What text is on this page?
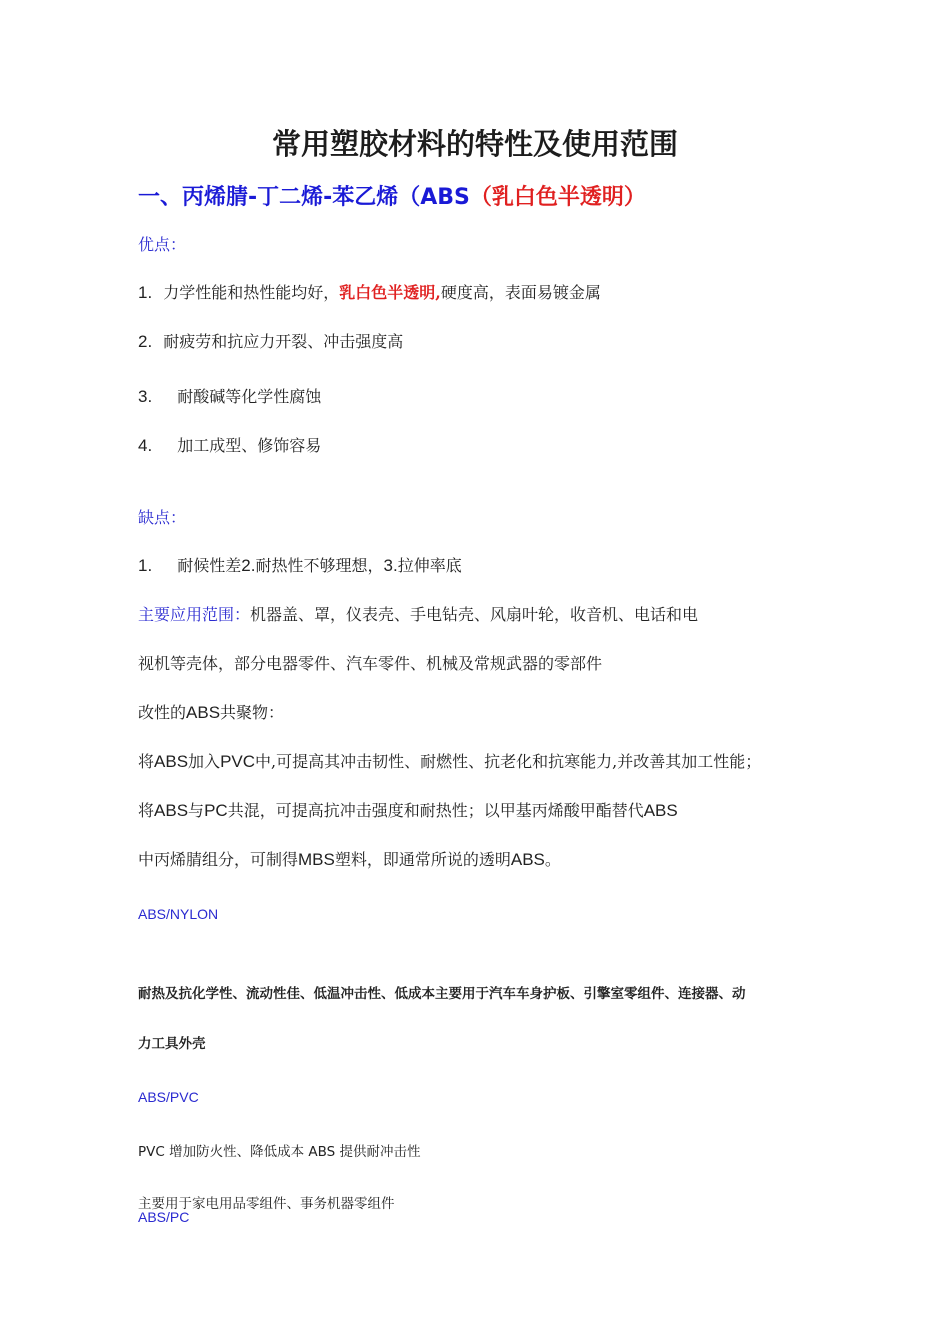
常用塑胶材料的特性及使用范围
一、丙烯腈-丁二烯-苯乙烯（ABS（乳白色半透明）
优点：
1. 力学性能和热性能均好，乳白色半透明,硬度高，表面易镀金属
2. 耐疲劳和抗应力开裂、冲击强度高
3. 耐酸碱等化学性腐蚀
4. 加工成型、修饰容易
缺点：
1. 耐候性差2.耐热性不够理想，3.拉伸率底
主要应用范围：机器盖、罩，仪表壳、手电钻壳、风扇叶轮，收音机、电话和电
视机等壳体，部分电器零件、汽车零件、机械及常规武器的零部件
改性的ABS共聚物：
将ABS加入PVC中,可提高其冲击韧性、耐燃性、抗老化和抗寒能力,并改善其加工性能；
将ABS与PC共混，可提高抗冲击强度和耐热性；以甲基丙烯酸甲酯替代ABS
中丙烯腈组分，可制得MBS塑料，即通常所说的透明ABS。
ABS/NYLON
耐热及抗化学性、流动性佳、低温冲击性、低成本主要用于汽车车身护板、引擎室零组件、连接器、动
力工具外壳
ABS/PVC
PVC 增加防火性、降低成本 ABS 提供耐冲击性
主要用于家电用品零组件、事务机器零组件
ABS/PC
